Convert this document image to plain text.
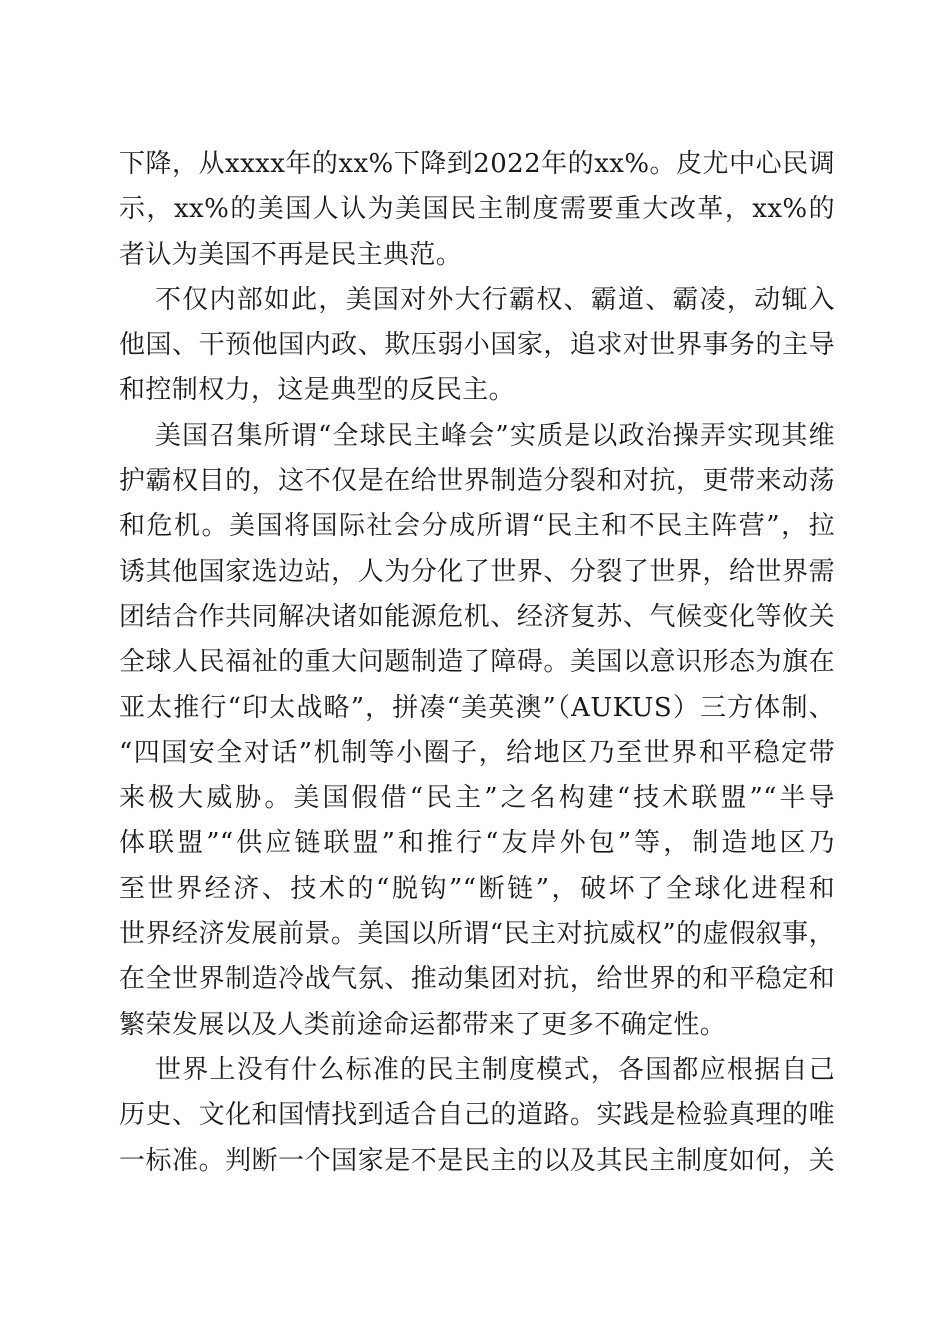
下降，从xxxx年的xx%下降到2022年的xx%。皮尤中心民调
示，xx%的美国人认为美国民主制度需要重大改革，xx%的
者认为美国不再是民主典范。
不仅内部如此，美国对外大行霸权、霸道、霸凌，动辄入
他国、干预他国内政、欺压弱小国家，追求对世界事务的主导
和控制权力，这是典型的反民主。
美国召集所谓“全球民主峰会”实质是以政治操弄实现其维
护霸权目的，这不仅是在给世界制造分裂和对抗，更带来动荡
和危机。美国将国际社会分成所谓“民主和不民主阵营”，拉
诱其他国家选边站，人为分化了世界、分裂了世界，给世界需
团结合作共同解决诸如能源危机、经济复苏、气候变化等攸关
全球人民福祉的重大问题制造了障碍。美国以意识形态为旗在
亚太推行“印太战略”，拼凑“美英澳”（AUKUS）三方体制、
“四国安全对话”机制等小圈子，给地区乃至世界和平稳定带
来极大威胁。美国假借“民主”之名构建“技术联盟”“半导
体联盟”“供应链联盟”和推行“友岸外包”等，制造地区乃
至世界经济、技术的“脱钩”“断链”，破坏了全球化进程和
世界经济发展前景。美国以所谓“民主对抗威权”的虚假叙事，
在全世界制造冷战气氛、推动集团对抗，给世界的和平稳定和
繁荣发展以及人类前途命运都带来了更多不确定性。
世界上没有什么标准的民主制度模式，各国都应根据自己
历史、文化和国情找到适合自己的道路。实践是检验真理的唯
一标准。判断一个国家是不是民主的以及其民主制度如何，关
